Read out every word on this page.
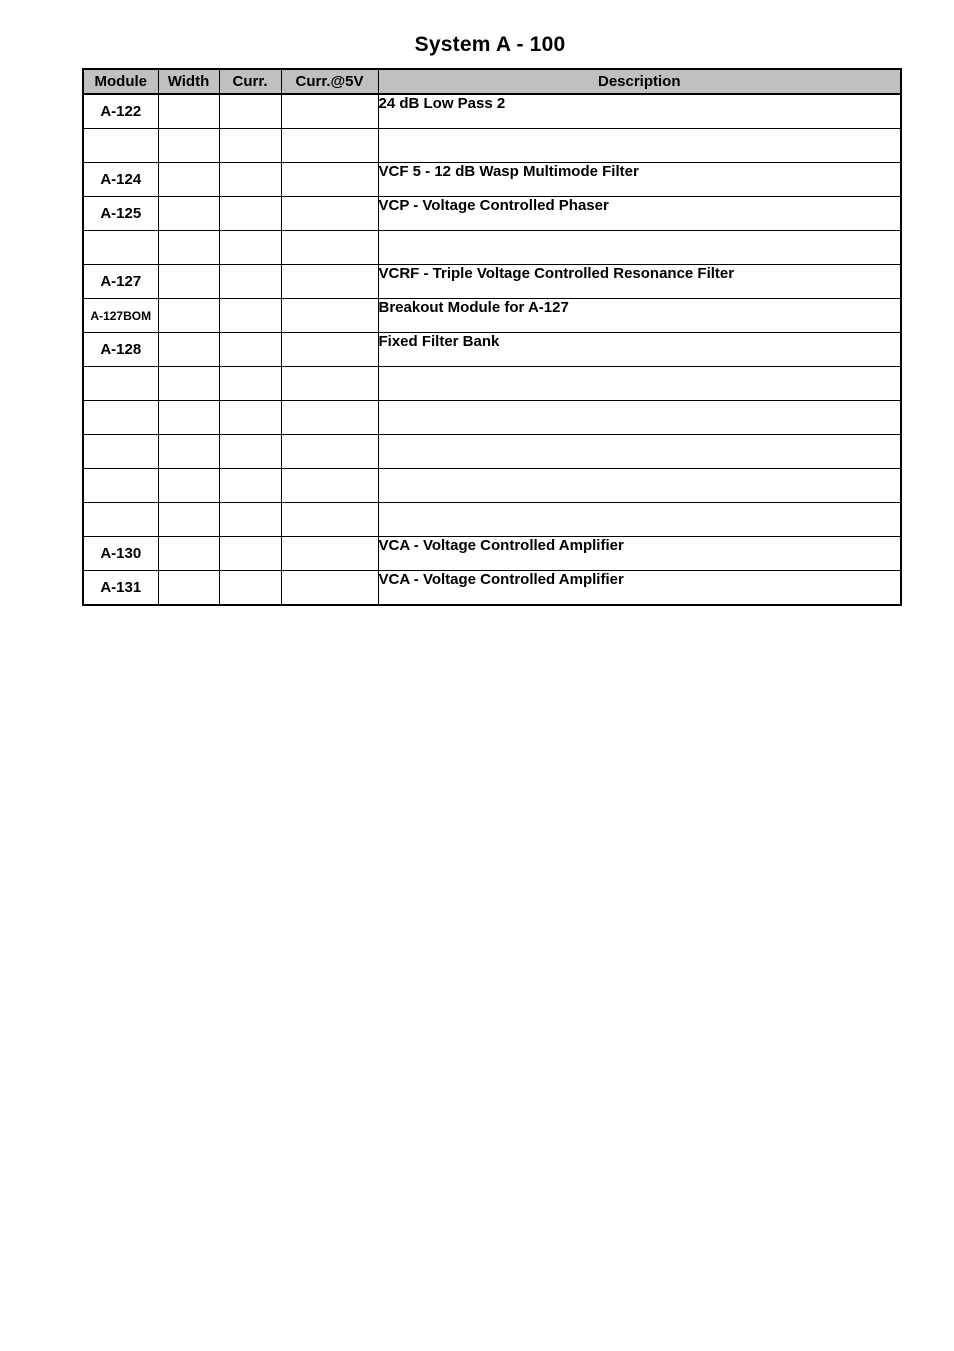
System A - 100
Module	Width	Curr.	Curr.@5V	Description
A-122				24 dB Low Pass 2

A-124				VCF 5 - 12 dB Wasp Multimode Filter
A-125				VCP - Voltage Controlled Phaser

A-127				VCRF - Triple Voltage Controlled Resonance Filter
A-127BOM				Breakout Module for A-127
A-128				Fixed Filter Bank

A-130				VCA - Voltage Controlled Amplifier
A-131				VCA - Voltage Controlled Amplifier
